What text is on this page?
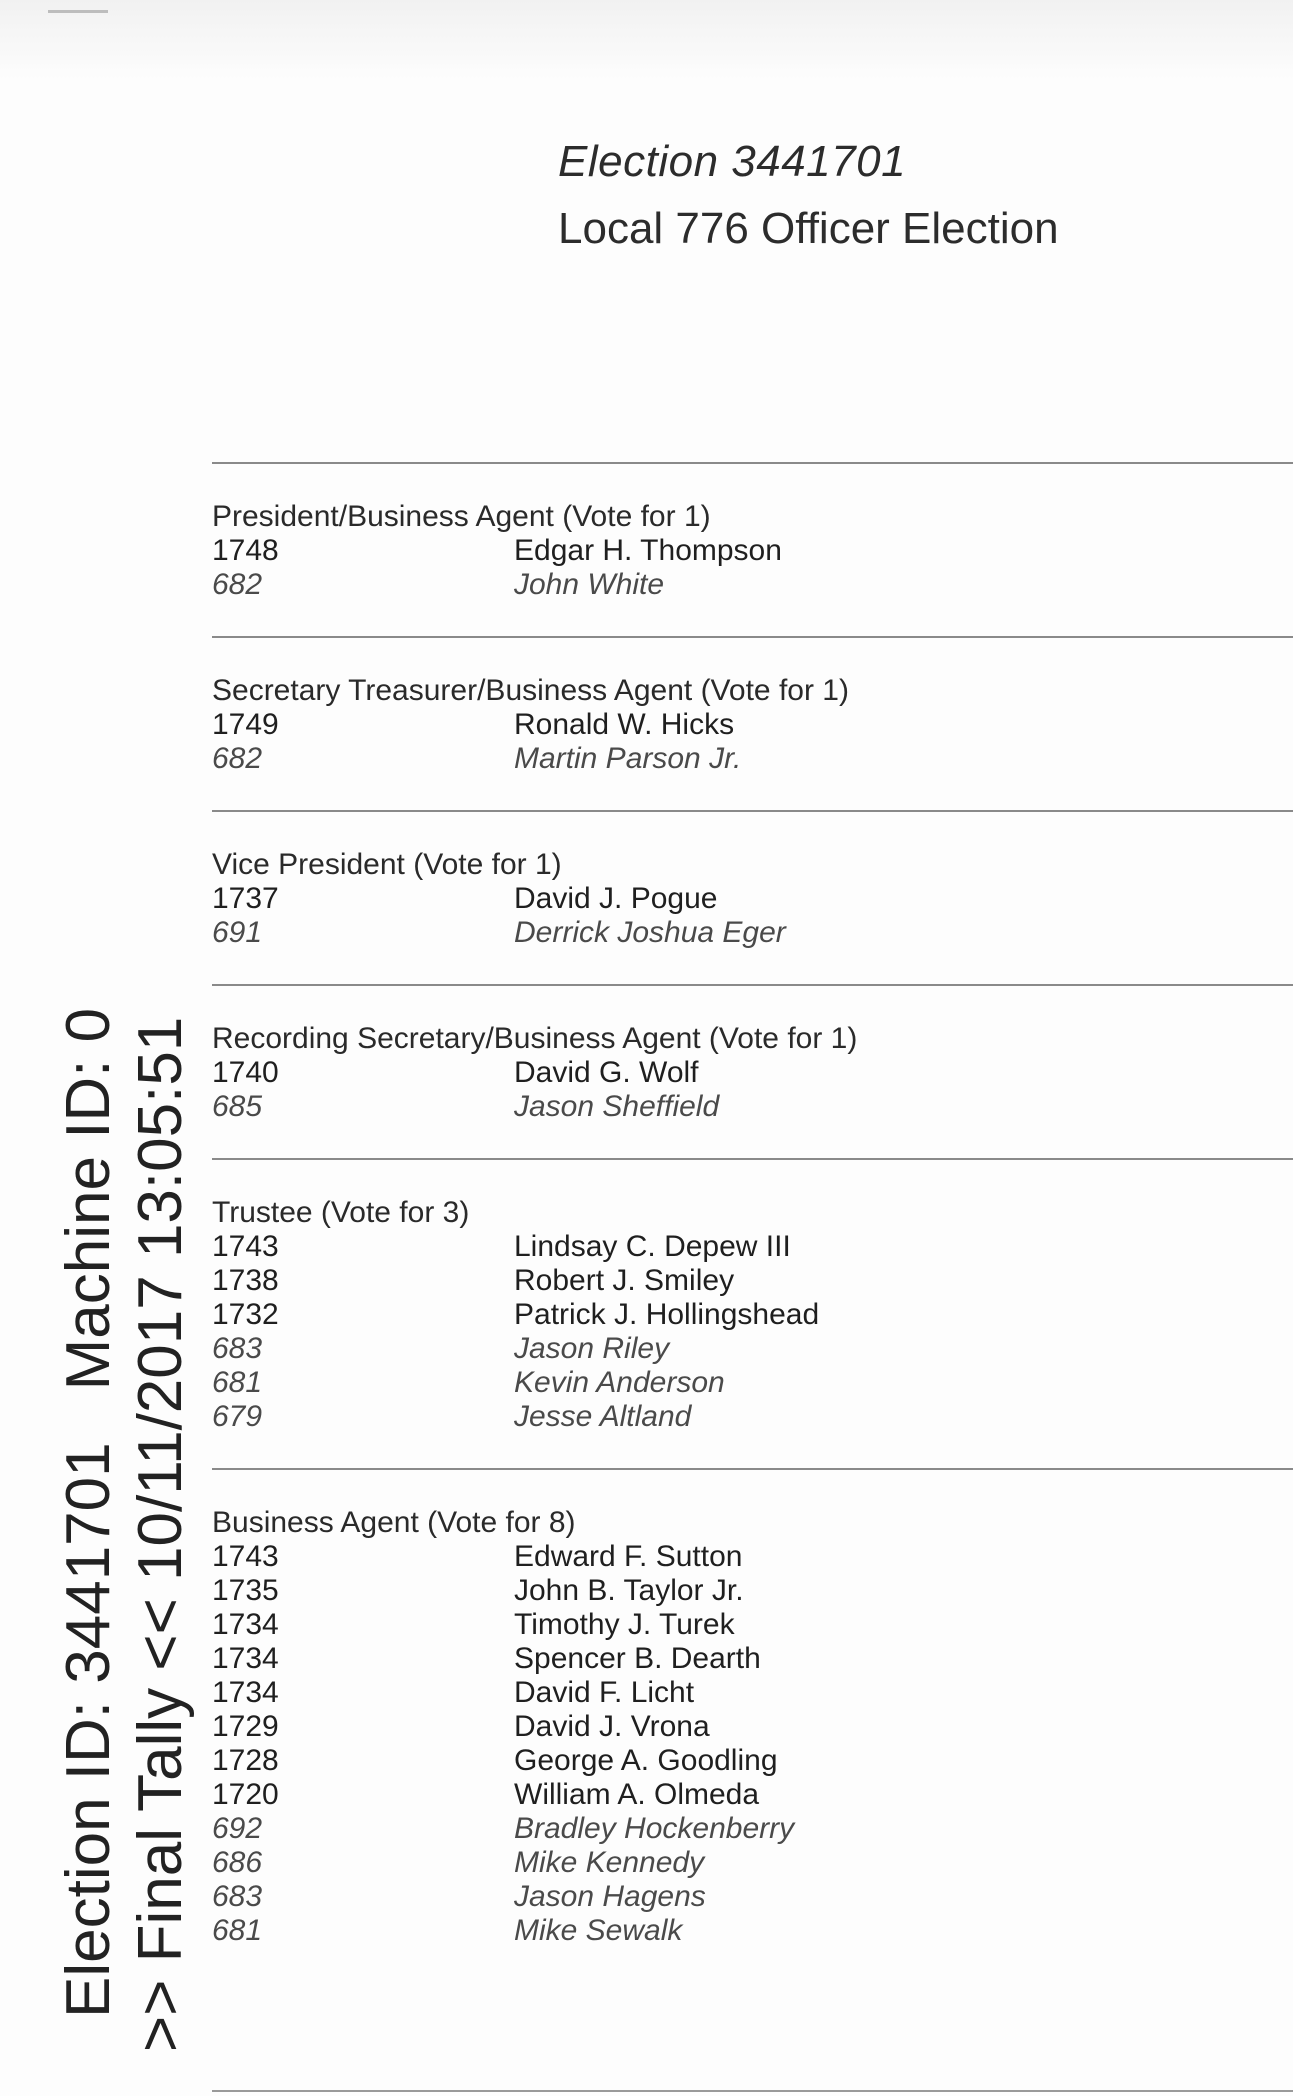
Election 3441701

Local 776 Officer Election

Election ID: 3441701Machine ID: 0 >> Final Tally << 10/11/2017 13:05:51

President/Business Agent (Vote for 1)

1748	Edgar H. Thompson
682	John White

Secretary Treasurer/Business Agent (Vote for 1)

1749	Ronald W. Hicks
682	Martin Parson Jr.

Vice President (Vote for 1)

1737	David J. Pogue
691	Derrick Joshua Eger

Recording Secretary/Business Agent (Vote for 1)

1740	David G. Wolf
685	Jason Sheffield

Trustee (Vote for 3)

1743	Lindsay C. Depew III
1738	Robert J. Smiley
1732	Patrick J. Hollingshead
683	Jason Riley
681	Kevin Anderson
679	Jesse Altland

Business Agent (Vote for 8)

1743	Edward F. Sutton
1735	John B. Taylor Jr.
1734	Timothy J. Turek
1734	Spencer B. Dearth
1734	David F. Licht
1729	David J. Vrona
1728	George A. Goodling
1720	William A. Olmeda
692	Bradley Hockenberry
686	Mike Kennedy
683	Jason Hagens
681	Mike Sewalk
